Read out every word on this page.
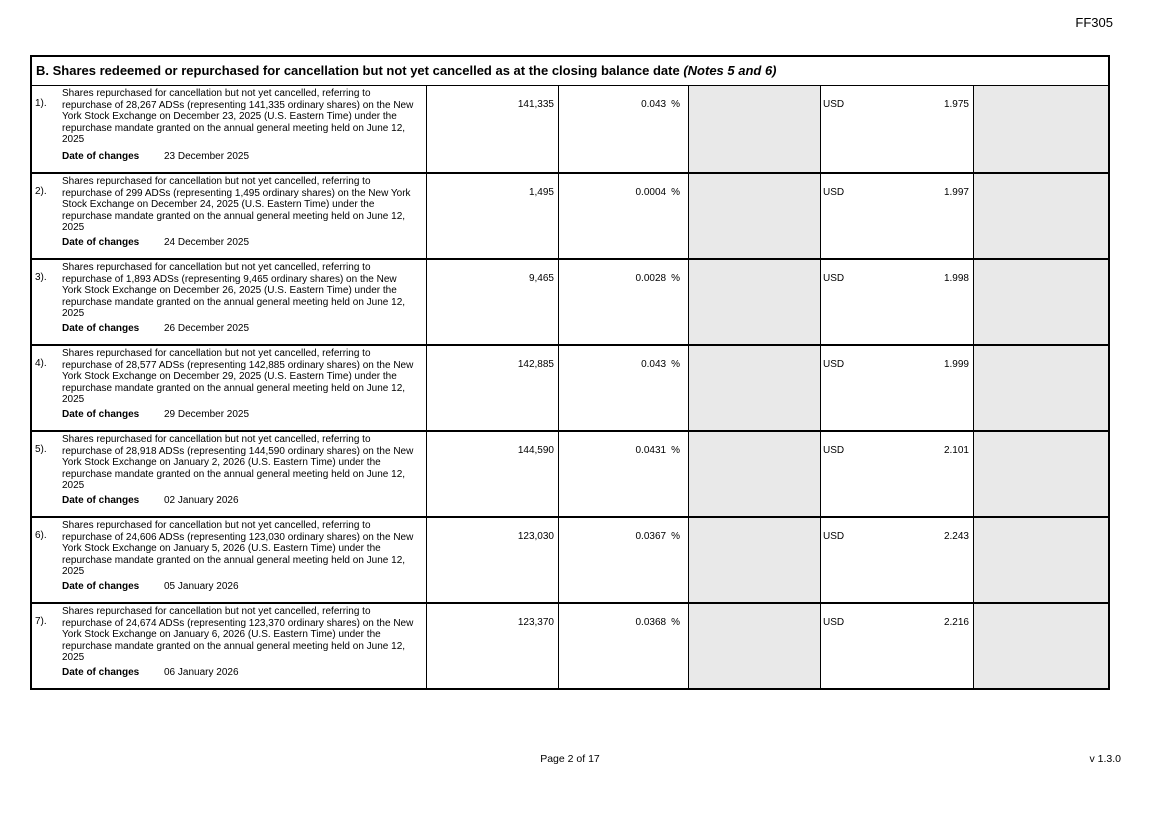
FF305
B. Shares redeemed or repurchased for cancellation but not yet cancelled as at the closing balance date (Notes 5 and 6)
1).
Shares repurchased for cancellation but not yet cancelled, referring to repurchase of 28,267 ADSs (representing 141,335 ordinary shares) on the New York Stock Exchange on December 23, 2025 (U.S. Eastern Time) under the repurchase mandate granted on the annual general meeting held on June 12, 2025
Date of changes 23 December 2025
141,335	0.043 %	USD	1.975
2).
Shares repurchased for cancellation but not yet cancelled, referring to repurchase of 299 ADSs (representing 1,495 ordinary shares) on the New York Stock Exchange on December 24, 2025 (U.S. Eastern Time) under the repurchase mandate granted on the annual general meeting held on June 12, 2025
Date of changes 24 December 2025
1,495	0.0004 %	USD	1.997
3).
Shares repurchased for cancellation but not yet cancelled, referring to repurchase of 1,893 ADSs (representing 9,465 ordinary shares) on the New York Stock Exchange on December 26, 2025 (U.S. Eastern Time) under the repurchase mandate granted on the annual general meeting held on June 12, 2025
Date of changes 26 December 2025
9,465	0.0028 %	USD	1.998
4).
Shares repurchased for cancellation but not yet cancelled, referring to repurchase of 28,577 ADSs (representing 142,885 ordinary shares) on the New York Stock Exchange on December 29, 2025 (U.S. Eastern Time) under the repurchase mandate granted on the annual general meeting held on June 12, 2025
Date of changes 29 December 2025
142,885	0.043 %	USD	1.999
5).
Shares repurchased for cancellation but not yet cancelled, referring to repurchase of 28,918 ADSs (representing 144,590 ordinary shares) on the New York Stock Exchange on January 2, 2026 (U.S. Eastern Time) under the repurchase mandate granted on the annual general meeting held on June 12, 2025
Date of changes 02 January 2026
144,590	0.0431 %	USD	2.101
6).
Shares repurchased for cancellation but not yet cancelled, referring to repurchase of 24,606 ADSs (representing 123,030 ordinary shares) on the New York Stock Exchange on January 5, 2026 (U.S. Eastern Time) under the repurchase mandate granted on the annual general meeting held on June 12, 2025
Date of changes 05 January 2026
123,030	0.0367 %	USD	2.243
7).
Shares repurchased for cancellation but not yet cancelled, referring to repurchase of 24,674 ADSs (representing 123,370 ordinary shares) on the New York Stock Exchange on January 6, 2026 (U.S. Eastern Time) under the repurchase mandate granted on the annual general meeting held on June 12, 2025
Date of changes 06 January 2026
123,370	0.0368 %	USD	2.216
Page 2 of 17	v 1.3.0
